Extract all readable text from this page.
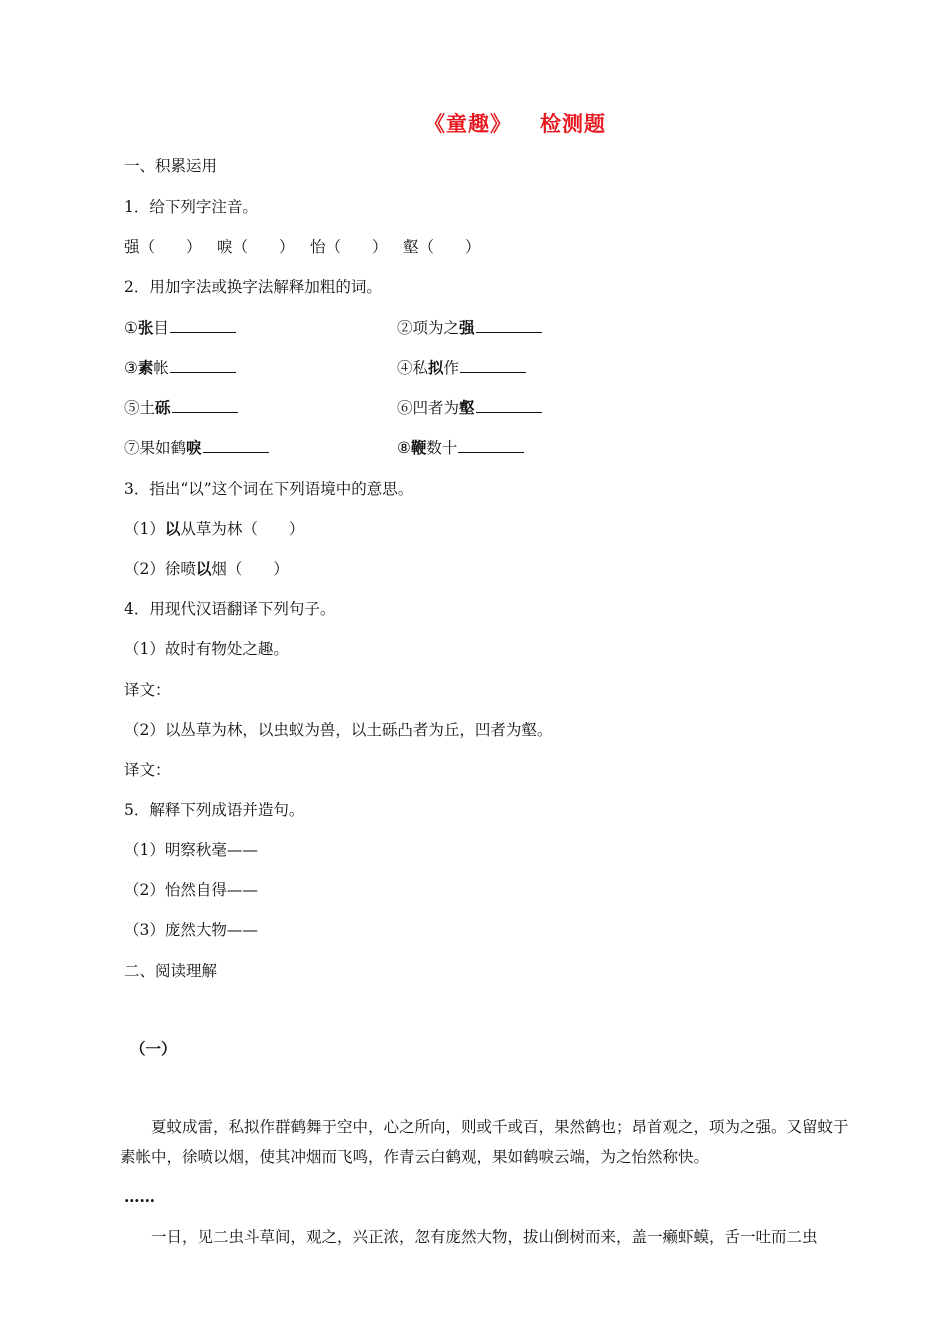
《童趣》 检测题
一、积累运用
1．给下列字注音。
强（　　）  唳（　　）  怡（　　）  壑（　　）
2．用加字法或换字法解释加粗的词。
①张目	②项为之强
③素帐	④私拟作
⑤土砾	⑥凹者为壑
⑦果如鹤唳	⑧鞭数十
3．指出“以”这个词在下列语境中的意思。
（1）以从草为林（　　）
（2）徐喷以烟（　　）
4．用现代汉语翻译下列句子。
（1）故时有物处之趣。
译文：
（2）以丛草为林，以虫蚁为兽，以土砾凸者为丘，凹者为壑。
译文：
5．解释下列成语并造句。
（1）明察秋毫——
（2）怡然自得——
（3）庞然大物——
二、阅读理解
（一）
夏蚊成雷，私拟作群鹤舞于空中，心之所向，则或千或百，果然鹤也；昂首观之，项为之强。又留蚊于素帐中，徐喷以烟，使其冲烟而飞鸣，作青云白鹤观，果如鹤唳云端，为之怡然称快。
……
一日，见二虫斗草间，观之，兴正浓，忽有庞然大物，拔山倒树而来，盖一癞虾蟆，舌一吐而二虫
